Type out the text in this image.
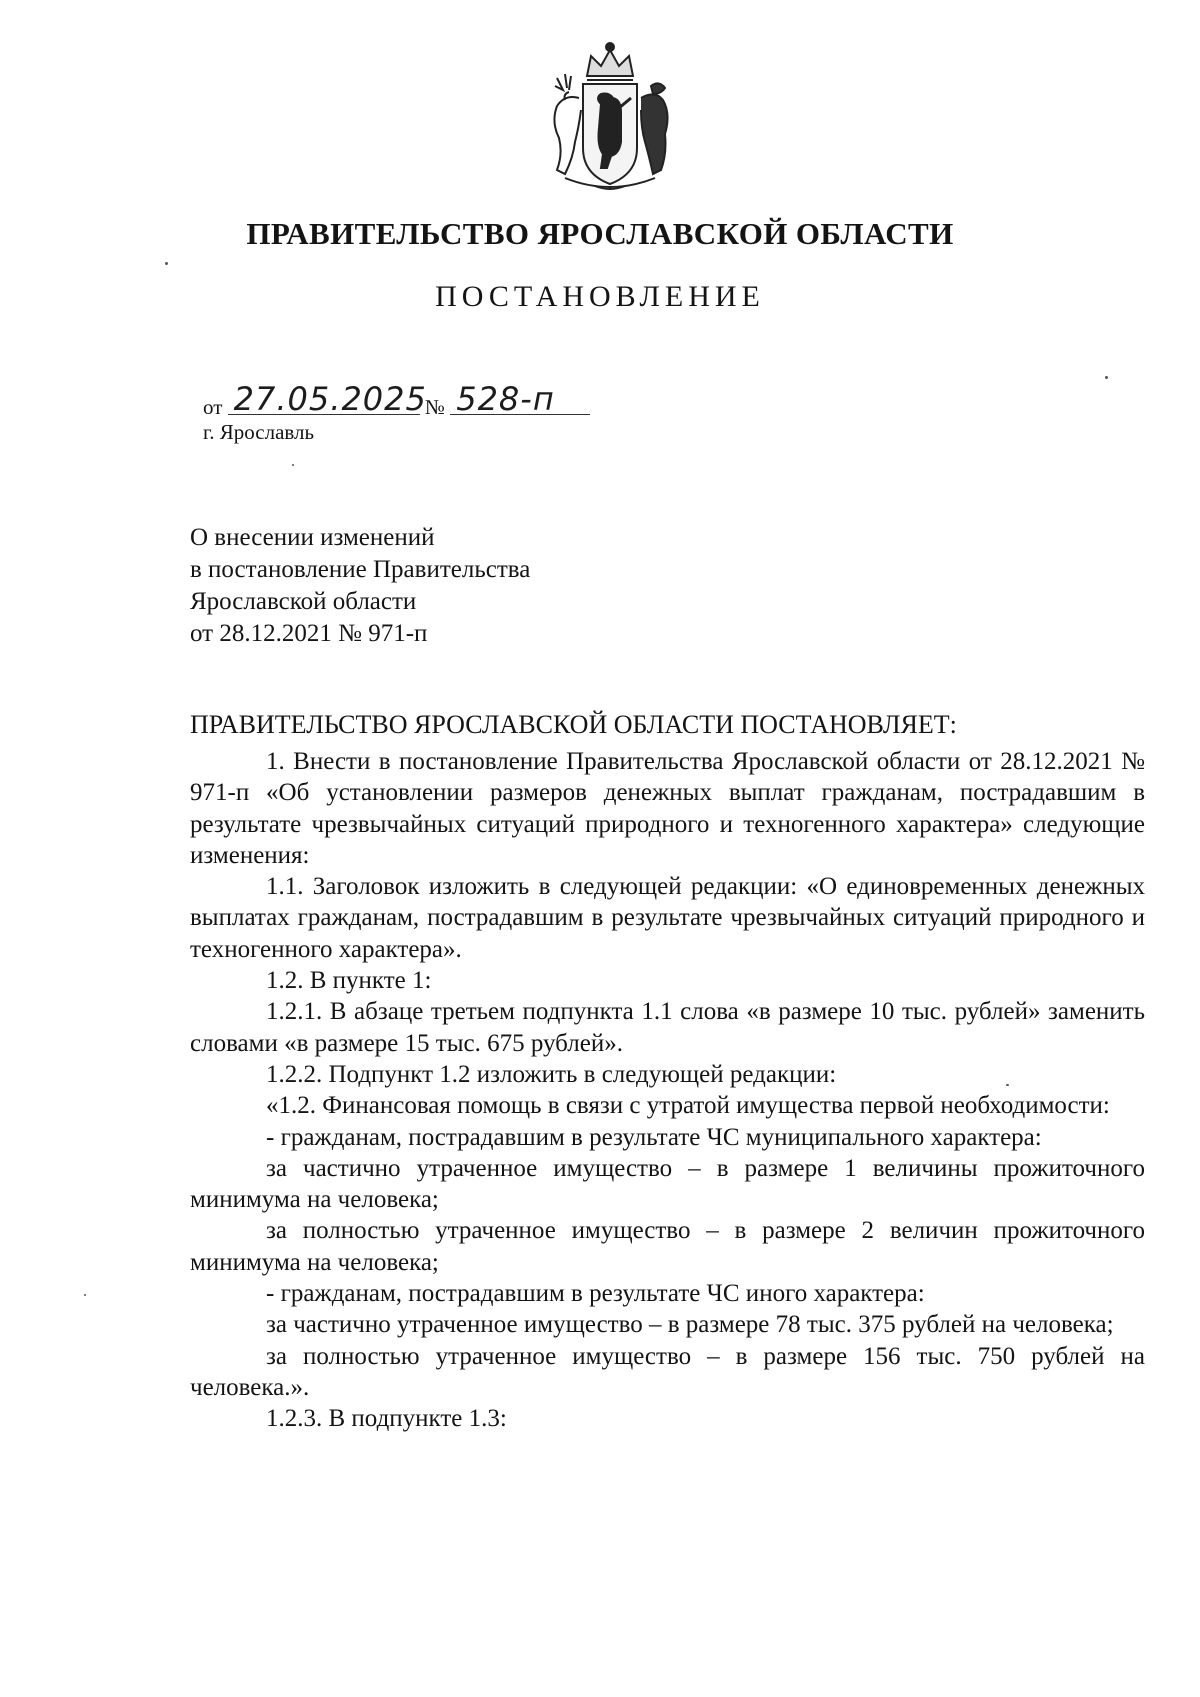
ПРАВИТЕЛЬСТВО ЯРОСЛАВСКОЙ ОБЛАСТИ
ПОСТАНОВЛЕНИЕ
от 27.05.2025 № 528-п
г. Ярославль
О внесении изменений
в постановление Правительства
Ярославской области
от 28.12.2021 № 971-п
ПРАВИТЕЛЬСТВО ЯРОСЛАВСКОЙ ОБЛАСТИ ПОСТАНОВЛЯЕТ:

1. Внести в постановление Правительства Ярославской области от 28.12.2021 № 971-п «Об установлении размеров денежных выплат гражданам, пострадавшим в результате чрезвычайных ситуаций природного и техногенного характера» следующие изменения:

1.1. Заголовок изложить в следующей редакции: «О единовременных денежных выплатах гражданам, пострадавшим в результате чрезвычайных ситуаций природного и техногенного характера».

1.2. В пункте 1:

1.2.1. В абзаце третьем подпункта 1.1 слова «в размере 10 тыс. рублей» заменить словами «в размере 15 тыс. 675 рублей».

1.2.2. Подпункт 1.2 изложить в следующей редакции:

«1.2. Финансовая помощь в связи с утратой имущества первой необходимости:

- гражданам, пострадавшим в результате ЧС муниципального характера:

за частично утраченное имущество – в размере 1 величины прожиточного минимума на человека;

за полностью утраченное имущество – в размере 2 величин прожиточного минимума на человека;

- гражданам, пострадавшим в результате ЧС иного характера:

за частично утраченное имущество – в размере 78 тыс. 375 рублей на человека;

за полностью утраченное имущество – в размере 156 тыс. 750 рублей на человека.».

1.2.3. В подпункте 1.3:
